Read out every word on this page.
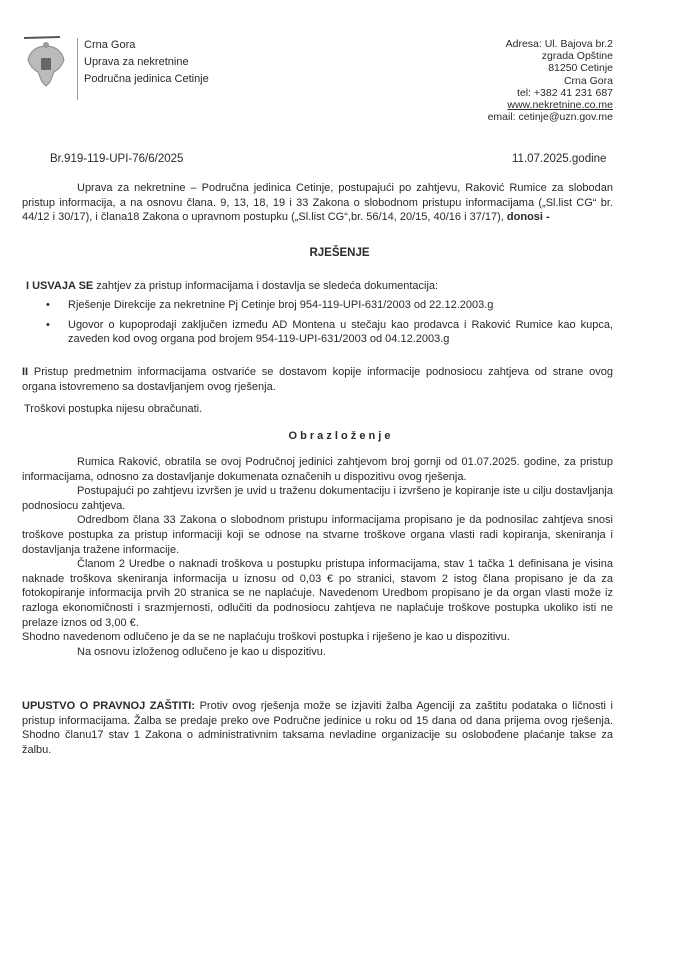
Crna Gora
Uprava za nekretnine
Područna jedinica Cetinje
Adresa: Ul. Bajova br.2
zgrada Opštine
81250 Cetinje
Crna Gora
tel: +382 41 231 687
www.nekretnine.co.me
email: cetinje@uzn.gov.me
Br.919-119-UPI-76/6/2025	11.07.2025.godine
Uprava za nekretnine – Područna jedinica Cetinje, postupajući po zahtjevu, Raković Rumice za slobodan
pristup informacija, a na osnovu člana. 9, 13, 18, 19 i 33 Zakona o slobodnom pristupu informacijama („Sl.list CG“ br.
44/12 i 30/17), i člana18 Zakona o upravnom postupku („Sl.list CG“,br. 56/14, 20/15, 40/16 i 37/17), donosi -
RJEŠENJE
I USVAJA SE zahtjev za pristup informacijama i dostavlja se sledeća dokumentacija:
• Rješenje Direkcije za nekretnine Pj Cetinje broj 954-119-UPI-631/2003 od 22.12.2003.g
• Ugovor o kupoprodaji zaključen između AD Montena u stečaju kao prodavca i Raković Rumice kao kupca,
zaveden kod ovog organa pod brojem 954-119-UPI-631/2003 od 04.12.2003.g
II Pristup predmetnim informacijama ostvariće se dostavom kopije informacije podnosiocu zahtjeva od strane ovog
organa istovremeno sa dostavljanjem ovog rješenja.
Troškovi postupka nijesu obračunati.
O b r a z l o ž e n j e
Rumica Raković, obratila se ovoj Područnoj jedinici zahtjevom broj gornji od 01.07.2025. godine, za pristup
informacijama, odnosno za dostavljanje dokumenata označenih u dispozitivu ovog rješenja.
Postupajući po zahtjevu izvršen je uvid u traženu dokumentaciju i izvršeno je kopiranje iste u cilju dostavljanja
podnosiocu zahtjeva.
Odredbom člana 33 Zakona o slobodnom pristupu informacijama propisano je da podnosilac zahtjeva snosi
troškove postupka za pristup informaciji koji se odnose na stvarne troškove organa vlasti radi kopiranja, skeniranja i
dostavljanja tražene informacije.
Članom 2 Uredbe o naknadi troškova u postupku pristupa informacijama, stav 1 tačka 1 definisana je visina
naknade troškova skeniranja informacija u iznosu od 0,03 € po stranici, stavom 2 istog člana propisano je da za
fotokopiranje informacija prvih 20 stranica se ne naplaćuje. Navedenom Uredbom propisano je da organ vlasti može iz
razloga ekonomičnosti i srazmjernosti, odlučiti da podnosiocu zahtjeva ne naplaćuje troškove postupka ukoliko isti ne
prelaze iznos od 3,00 €.
Shodno navedenom odlučeno je da se ne naplaćuju troškovi postupka i riješeno je kao u dispozitivu.
Na osnovu izloženog odlučeno je kao u dispozitivu.
UPUSTVO O PRAVNOJ ZAŠTITI: Protiv ovog rješenja može se izjaviti žalba Agenciji za zaštitu podataka o ličnosti i
pristup informacijama. Žalba se predaje preko ove Područne jedinice u roku od 15 dana od dana prijema ovog rješenja.
Shodno članu17 stav 1 Zakona o administrativnim taksama nevladine organizacije su oslobođene plaćanje takse za
žalbu.
